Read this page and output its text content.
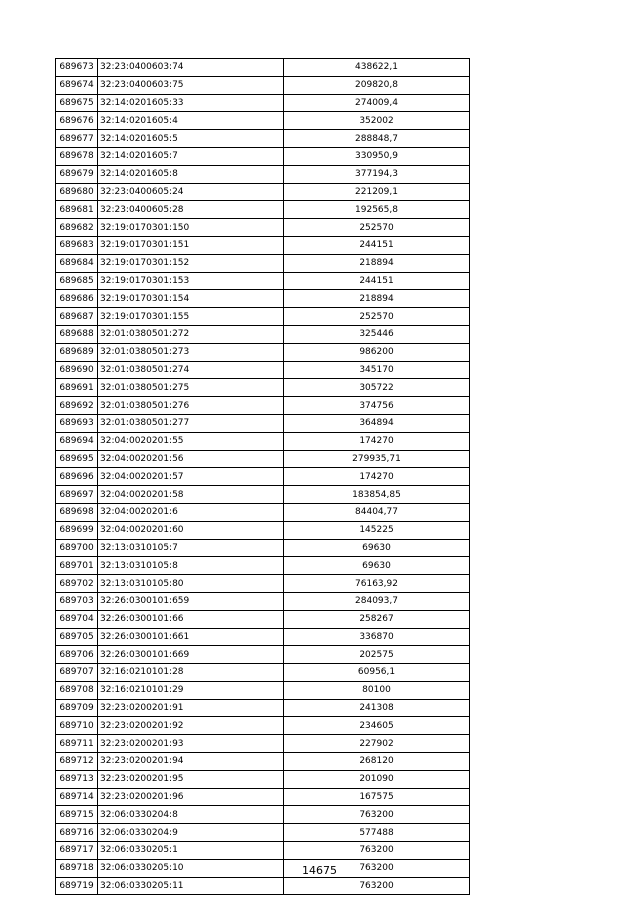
689673	32:23:0400603:74	438622,1
689674	32:23:0400603:75	209820,8
689675	32:14:0201605:33	274009,4
689676	32:14:0201605:4	352002
689677	32:14:0201605:5	288848,7
689678	32:14:0201605:7	330950,9
689679	32:14:0201605:8	377194,3
689680	32:23:0400605:24	221209,1
689681	32:23:0400605:28	192565,8
689682	32:19:0170301:150	252570
689683	32:19:0170301:151	244151
689684	32:19:0170301:152	218894
689685	32:19:0170301:153	244151
689686	32:19:0170301:154	218894
689687	32:19:0170301:155	252570
689688	32:01:0380501:272	325446
689689	32:01:0380501:273	986200
689690	32:01:0380501:274	345170
689691	32:01:0380501:275	305722
689692	32:01:0380501:276	374756
689693	32:01:0380501:277	364894
689694	32:04:0020201:55	174270
689695	32:04:0020201:56	279935,71
689696	32:04:0020201:57	174270
689697	32:04:0020201:58	183854,85
689698	32:04:0020201:6	84404,77
689699	32:04:0020201:60	145225
689700	32:13:0310105:7	69630
689701	32:13:0310105:8	69630
689702	32:13:0310105:80	76163,92
689703	32:26:0300101:659	284093,7
689704	32:26:0300101:66	258267
689705	32:26:0300101:661	336870
689706	32:26:0300101:669	202575
689707	32:16:0210101:28	60956,1
689708	32:16:0210101:29	80100
689709	32:23:0200201:91	241308
689710	32:23:0200201:92	234605
689711	32:23:0200201:93	227902
689712	32:23:0200201:94	268120
689713	32:23:0200201:95	201090
689714	32:23:0200201:96	167575
689715	32:06:0330204:8	763200
689716	32:06:0330204:9	577488
689717	32:06:0330205:1	763200
689718	32:06:0330205:10	763200
689719	32:06:0330205:11	763200
14675
